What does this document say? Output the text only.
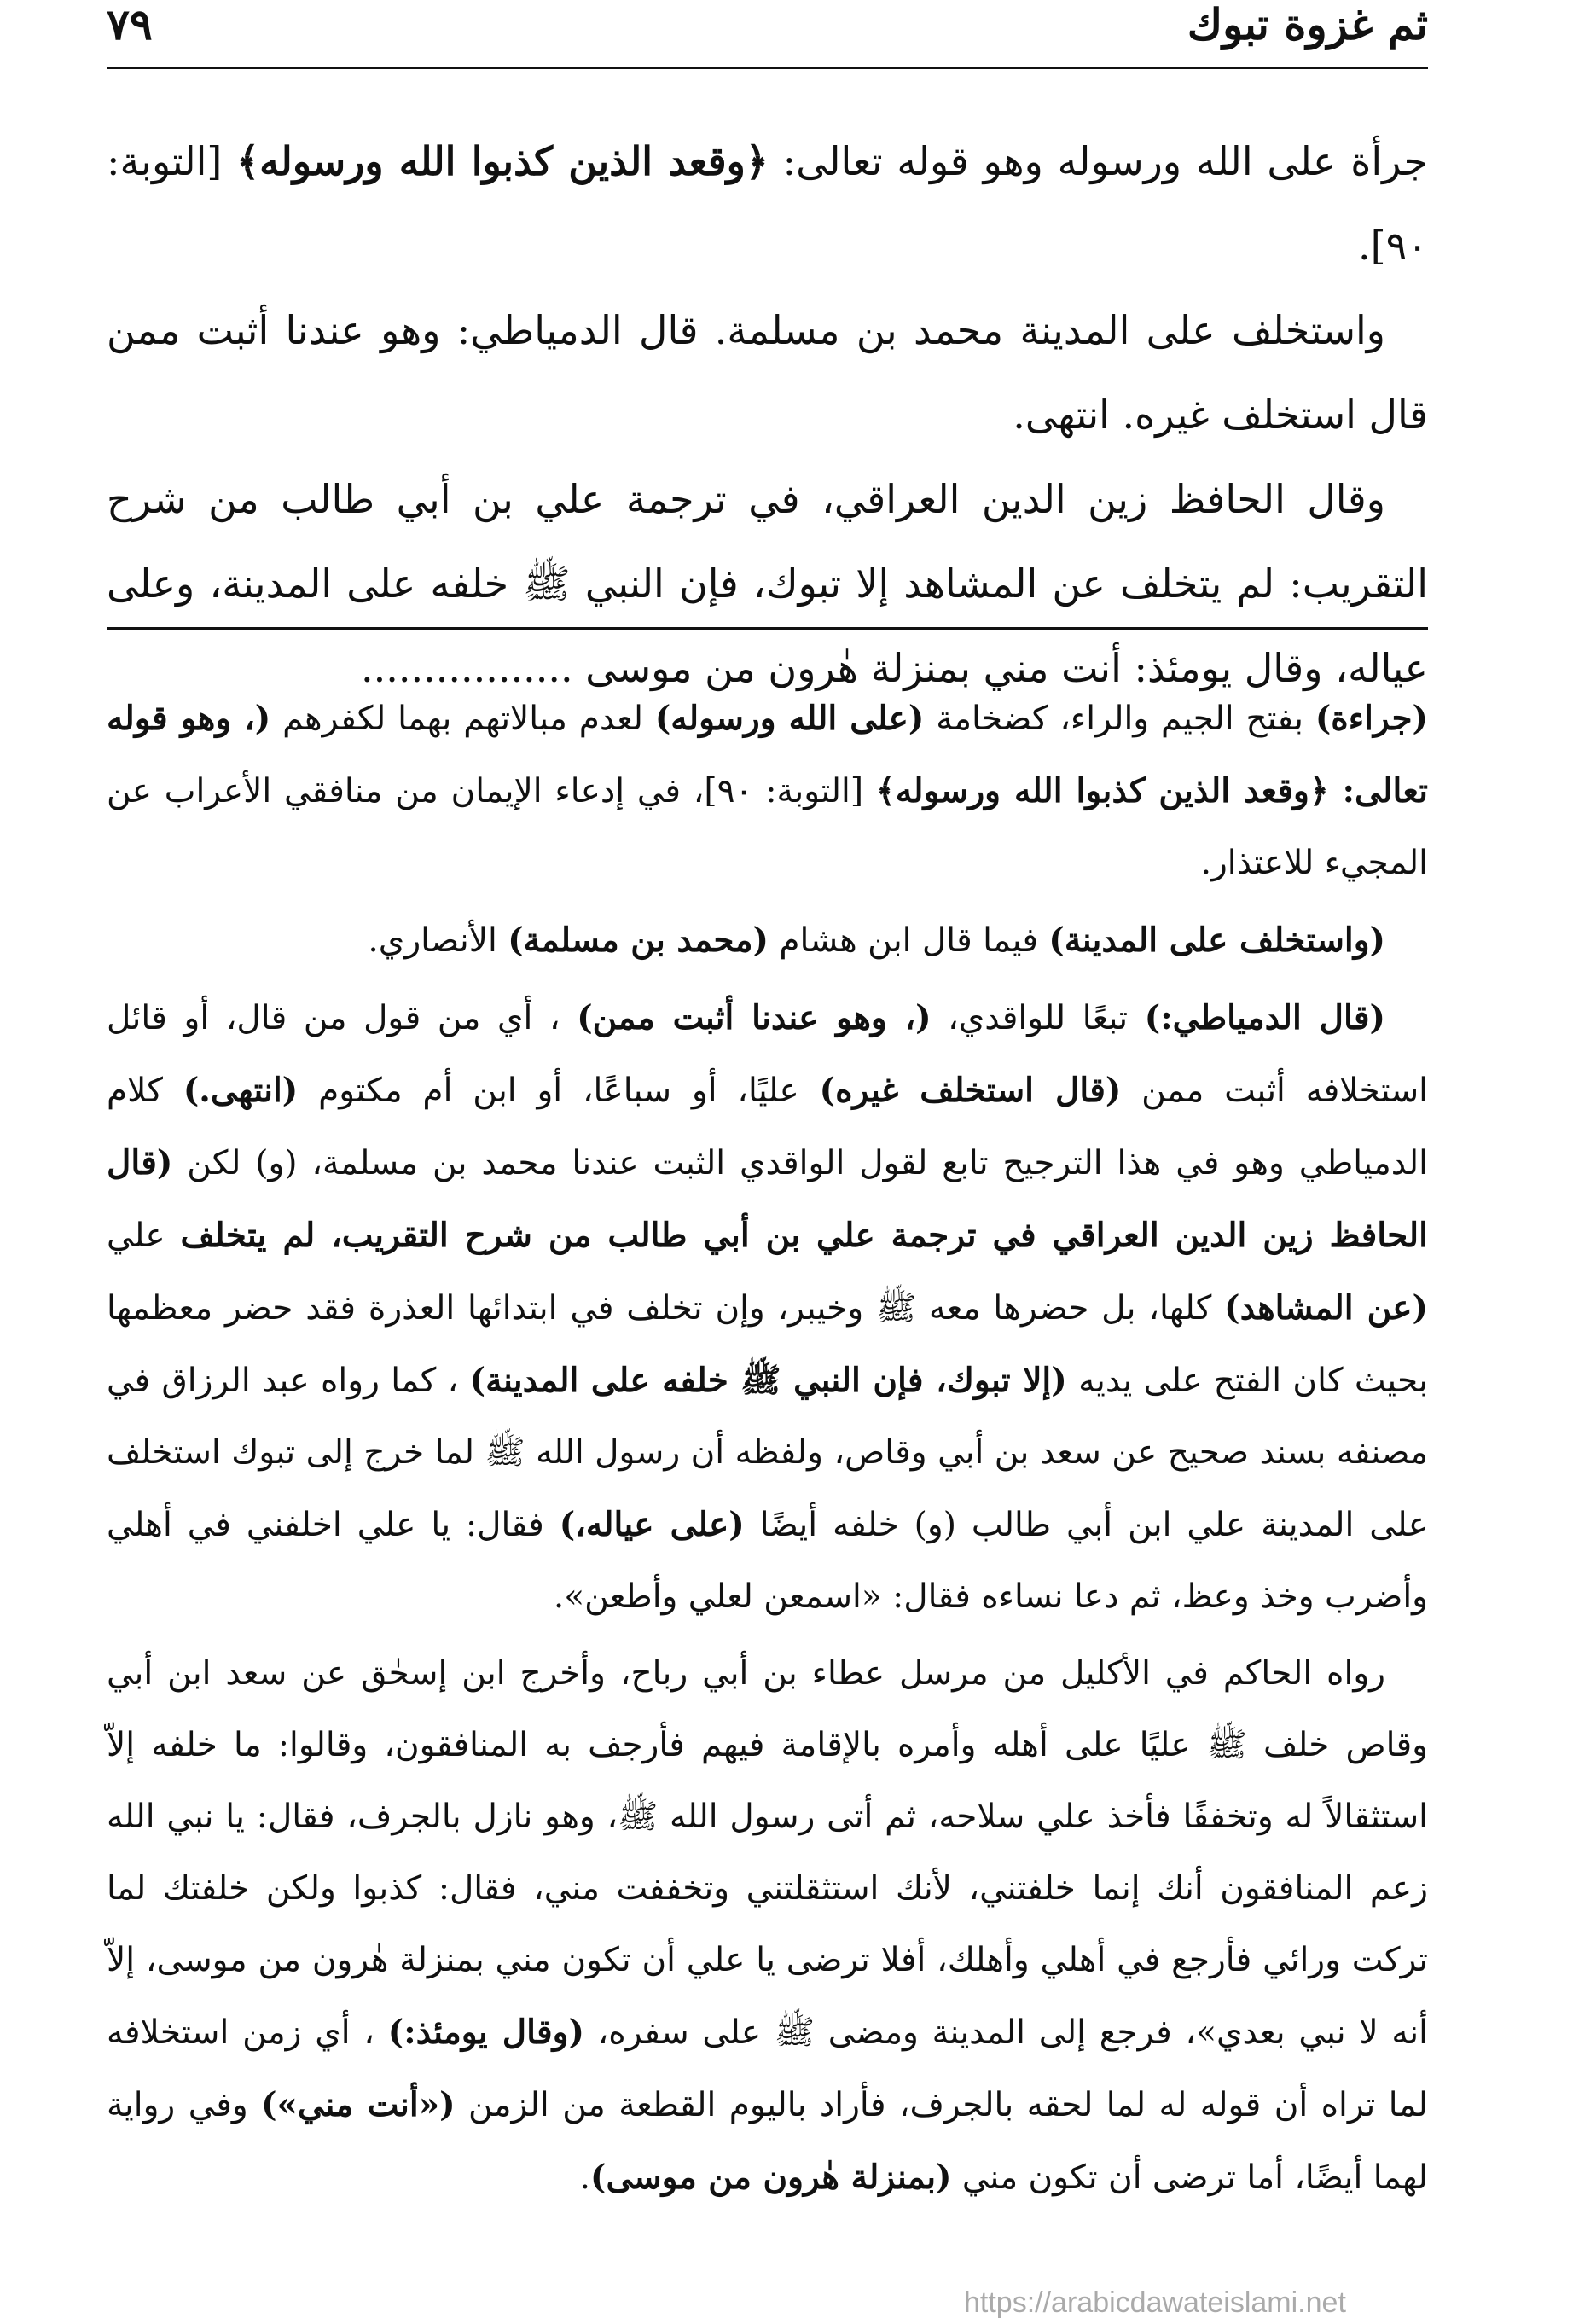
ثم غزوة تبوك
٧٩

جرأة على الله ورسوله وهو قوله تعالى: ﴿وقعد الذين كذبوا الله ورسوله﴾ [التوبة: ٩٠].

واستخلف على المدينة محمد بن مسلمة. قال الدمياطي: وهو عندنا أثبت ممن قال استخلف غيره. انتهى.

وقال الحافظ زين الدين العراقي، في ترجمة علي بن أبي طالب من شرح التقريب: لم يتخلف عن المشاهد إلا تبوك، فإن النبي ﷺ خلفه على المدينة، وعلى عياله، وقال يومئذ: أنت مني بمنزلة هٰرون من موسى .................

(جراءة) بفتح الجيم والراء، كضخامة (على الله ورسوله) لعدم مبالاتهم بهما لكفرهم (، وهو قوله تعالى: ﴿وقعد الذين كذبوا الله ورسوله﴾ [التوبة: ٩٠]، في إدعاء الإيمان من منافقي الأعراب عن المجيء للاعتذار.

(واستخلف على المدينة) فيما قال ابن هشام (محمد بن مسلمة) الأنصاري.

(قال الدمياطي:) تبعًا للواقدي، (، وهو عندنا أثبت ممن) ، أي من قول من قال، أو قائل استخلافه أثبت ممن (قال استخلف غيره) عليًا، أو سباعًا، أو ابن أم مكتوم (انتهى.) كلام الدمياطي وهو في هذا الترجيح تابع لقول الواقدي الثبت عندنا محمد بن مسلمة، (و) لكن (قال الحافظ زين الدين العراقي في ترجمة علي بن أبي طالب من شرح التقريب، لم يتخلف علي (عن المشاهد) كلها، بل حضرها معه ﷺ وخيبر، وإن تخلف في ابتدائها العذرة فقد حضر معظمها بحيث كان الفتح على يديه (إلا تبوك، فإن النبي ﷺ خلفه على المدينة) ، كما رواه عبد الرزاق في مصنفه بسند صحيح عن سعد بن أبي وقاص، ولفظه أن رسول الله ﷺ لما خرج إلى تبوك استخلف على المدينة علي ابن أبي طالب (و) خلفه أيضًا (على عياله،) فقال: يا علي اخلفني في أهلي وأضرب وخذ وعظ، ثم دعا نساءه فقال: «اسمعن لعلي وأطعن».

رواه الحاكم في الأكليل من مرسل عطاء بن أبي رباح، وأخرج ابن إسحٰق عن سعد ابن أبي وقاص خلف ﷺ عليًا على أهله وأمره بالإقامة فيهم فأرجف به المنافقون، وقالوا: ما خلفه إلاّ استثقالاً له وتخففًا فأخذ علي سلاحه، ثم أتى رسول الله ﷺ، وهو نازل بالجرف، فقال: يا نبي الله زعم المنافقون أنك إنما خلفتني، لأنك استثقلتني وتخففت مني، فقال: كذبوا ولكن خلفتك لما تركت ورائي فأرجع في أهلي وأهلك، أفلا ترضى يا علي أن تكون مني بمنزلة هٰرون من موسى، إلاّ أنه لا نبي بعدي»، فرجع إلى المدينة ومضى ﷺ على سفره، (وقال يومئذ:) ، أي زمن استخلافه لما تراه أن قوله له لما لحقه بالجرف، فأراد باليوم القطعة من الزمن («أنت مني») وفي رواية لهما أيضًا، أما ترضى أن تكون مني (بمنزلة هٰرون من موسى).

https://arabicdawateislami.net
